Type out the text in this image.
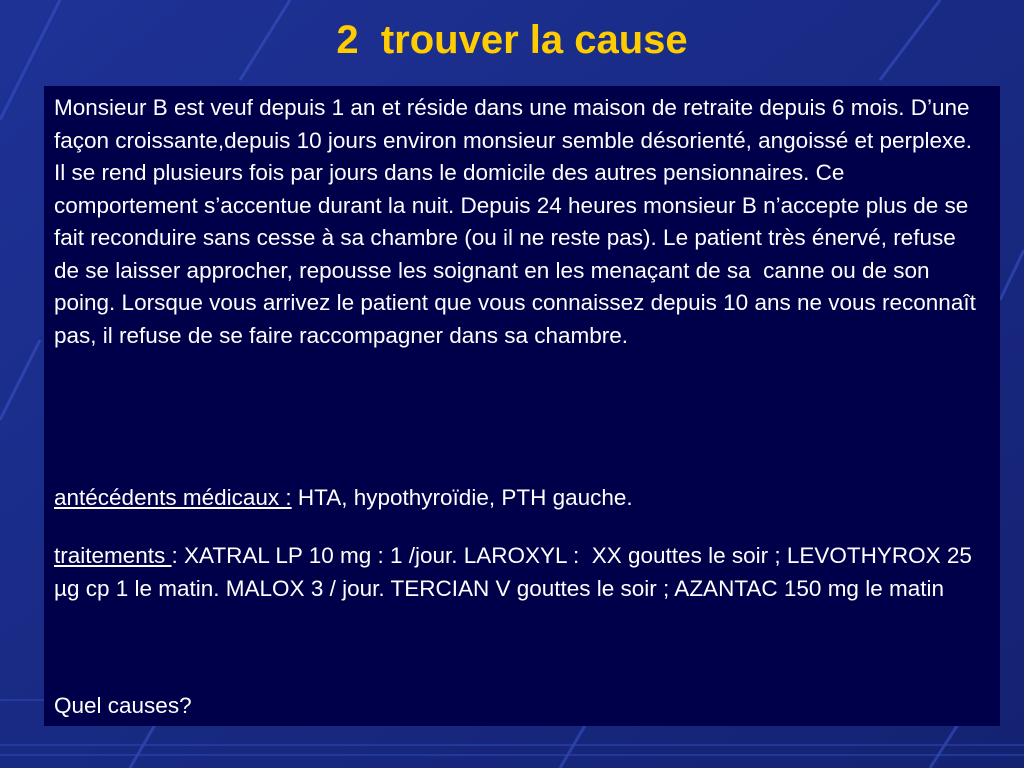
2  trouver la cause
Monsieur B est veuf depuis 1 an et réside dans une maison de retraite depuis 6 mois. D’une façon croissante,depuis 10 jours environ monsieur semble désorienté, angoissé et perplexe. Il se rend plusieurs fois par jours dans le domicile des autres pensionnaires. Ce comportement s’accentue durant la nuit. Depuis 24 heures monsieur B n’accepte plus de se fait reconduire sans cesse à sa chambre (ou il ne reste pas). Le patient très énervé, refuse de se laisser approcher, repousse les soignant en les menaçant de sa  canne ou de son poing. Lorsque vous arrivez le patient que vous connaissez depuis 10 ans ne vous reconnaît pas, il refuse de se faire raccompagner dans sa chambre.
antécédents médicaux : HTA, hypothyroïdie, PTH gauche.
traitements : XATRAL LP 10 mg : 1 /jour. LAROXYL :  XX gouttes le soir ; LEVOTHYROX 25 µg cp 1 le matin. MALOX 3 / jour. TERCIAN V gouttes le soir ; AZANTAC 150 mg le matin
Quel causes?
